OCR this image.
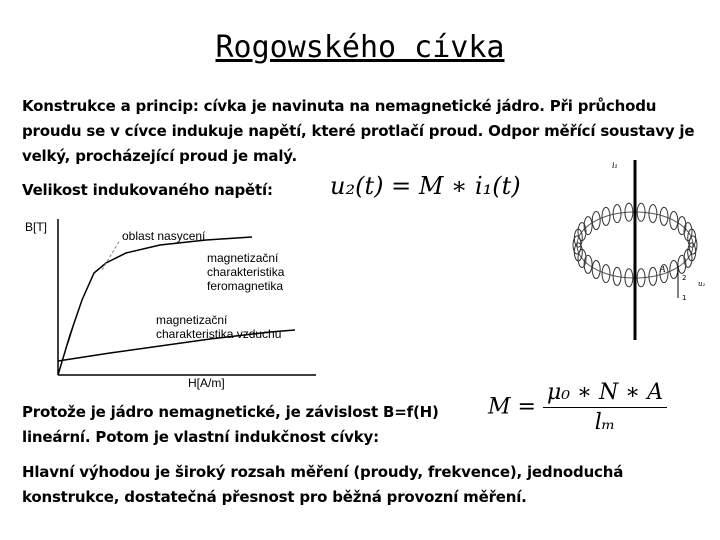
Rogowského cívka
Konstrukce a princip: cívka je navinuta na nemagnetické jádro. Při průchodu proudu se v cívce indukuje napětí, které protlačí proud. Odpor měřící soustavy je velký, procházející proud je malý.
Velikost indukovaného napětí:	u₂(t) = M ∗ i₁(t)
B[T]
H[A/m]
oblast nasycení
magnetizační
charakteristika
feromagnetika
magnetizační
charakteristika vzduchu
i₁
A
u₂
2
1
Protože je jádro nemagnetické, je závislost B=f(H) lineární. Potom je vlastní indukčnost cívky:
$M = \frac{\text{μ₀ ∗ N ∗ A}}{\text{lₘ}}$
Hlavní výhodou je široký rozsah měření (proudy, frekvence), jednoduchá konstrukce, dostatečná přesnost pro běžná provozní měření.
